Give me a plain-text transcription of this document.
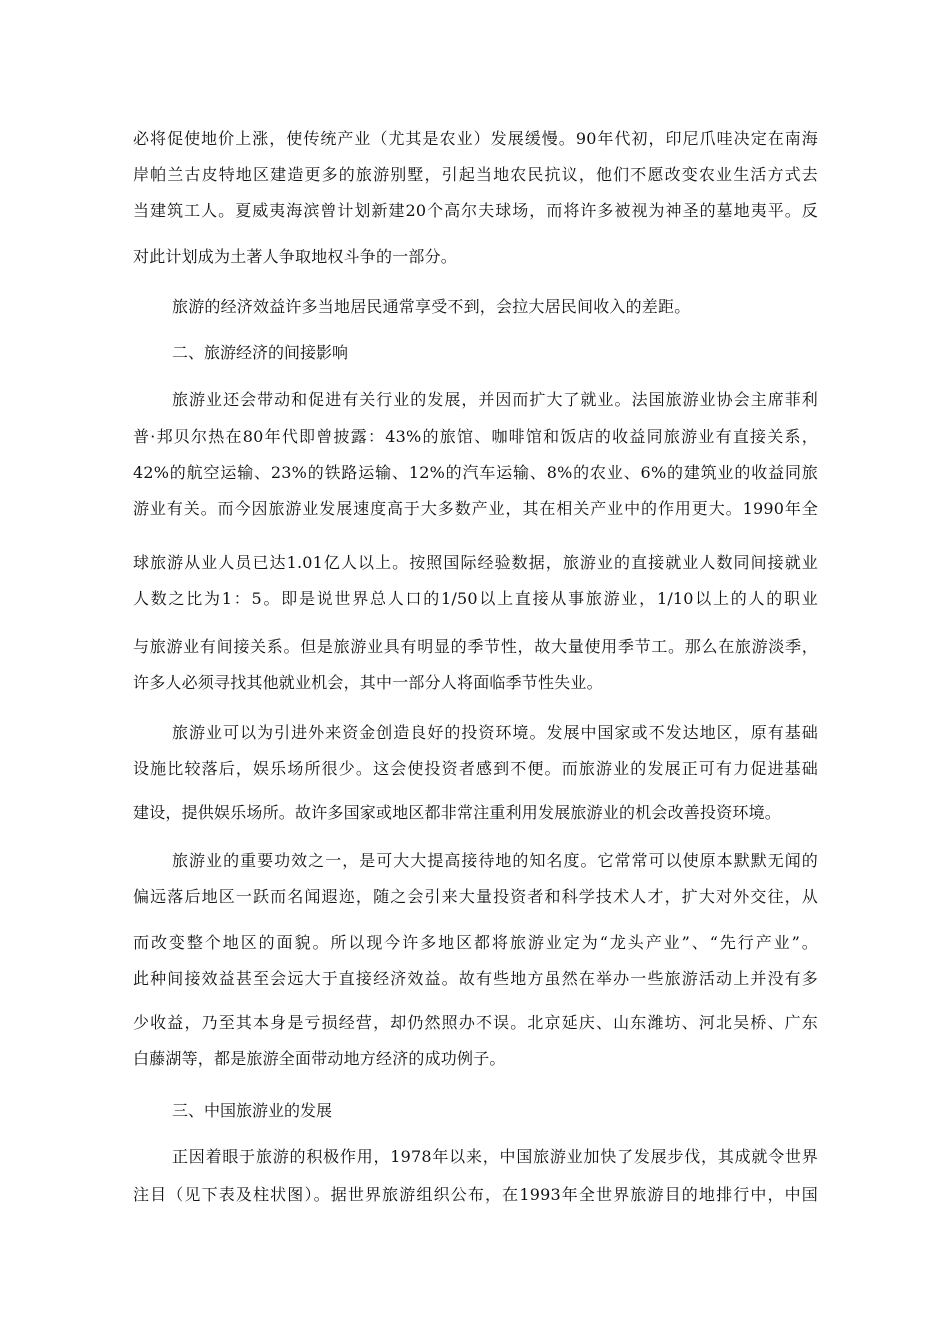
必将促使地价上涨，使传统产业（尤其是农业）发展缓慢。90年代初，印尼爪哇决定在南海
岸帕兰古皮特地区建造更多的旅游别墅，引起当地农民抗议，他们不愿改变农业生活方式去
当建筑工人。夏威夷海滨曾计划新建20个高尔夫球场，而将许多被视为神圣的墓地夷平。反
对此计划成为土著人争取地权斗争的一部分。
旅游的经济效益许多当地居民通常享受不到，会拉大居民间收入的差距。
二、旅游经济的间接影响
旅游业还会带动和促进有关行业的发展，并因而扩大了就业。法国旅游业协会主席菲利
普·邦贝尔热在80年代即曾披露：43%的旅馆、咖啡馆和饭店的收益同旅游业有直接关系，
42%的航空运输、23%的铁路运输、12%的汽车运输、8%的农业、6%的建筑业的收益同旅
游业有关。而今因旅游业发展速度高于大多数产业，其在相关产业中的作用更大。1990年全
球旅游从业人员已达1.01亿人以上。按照国际经验数据，旅游业的直接就业人数同间接就业
人数之比为1：5。即是说世界总人口的1/50以上直接从事旅游业，1/10以上的人的职业
与旅游业有间接关系。但是旅游业具有明显的季节性，故大量使用季节工。那么在旅游淡季，
许多人必须寻找其他就业机会，其中一部分人将面临季节性失业。
旅游业可以为引进外来资金创造良好的投资环境。发展中国家或不发达地区，原有基础
设施比较落后，娱乐场所很少。这会使投资者感到不便。而旅游业的发展正可有力促进基础
建设，提供娱乐场所。故许多国家或地区都非常注重利用发展旅游业的机会改善投资环境。
旅游业的重要功效之一，是可大大提高接待地的知名度。它常常可以使原本默默无闻的
偏远落后地区一跃而名闻遐迩，随之会引来大量投资者和科学技术人才，扩大对外交往，从
而改变整个地区的面貌。所以现今许多地区都将旅游业定为“龙头产业”、“先行产业”。
此种间接效益甚至会远大于直接经济效益。故有些地方虽然在举办一些旅游活动上并没有多
少收益，乃至其本身是亏损经营，却仍然照办不误。北京延庆、山东潍坊、河北吴桥、广东
白藤湖等，都是旅游全面带动地方经济的成功例子。
三、中国旅游业的发展
正因着眼于旅游的积极作用，1978年以来，中国旅游业加快了发展步伐，其成就令世界
注目（见下表及柱状图）。据世界旅游组织公布，在1993年全世界旅游目的地排行中，中国
